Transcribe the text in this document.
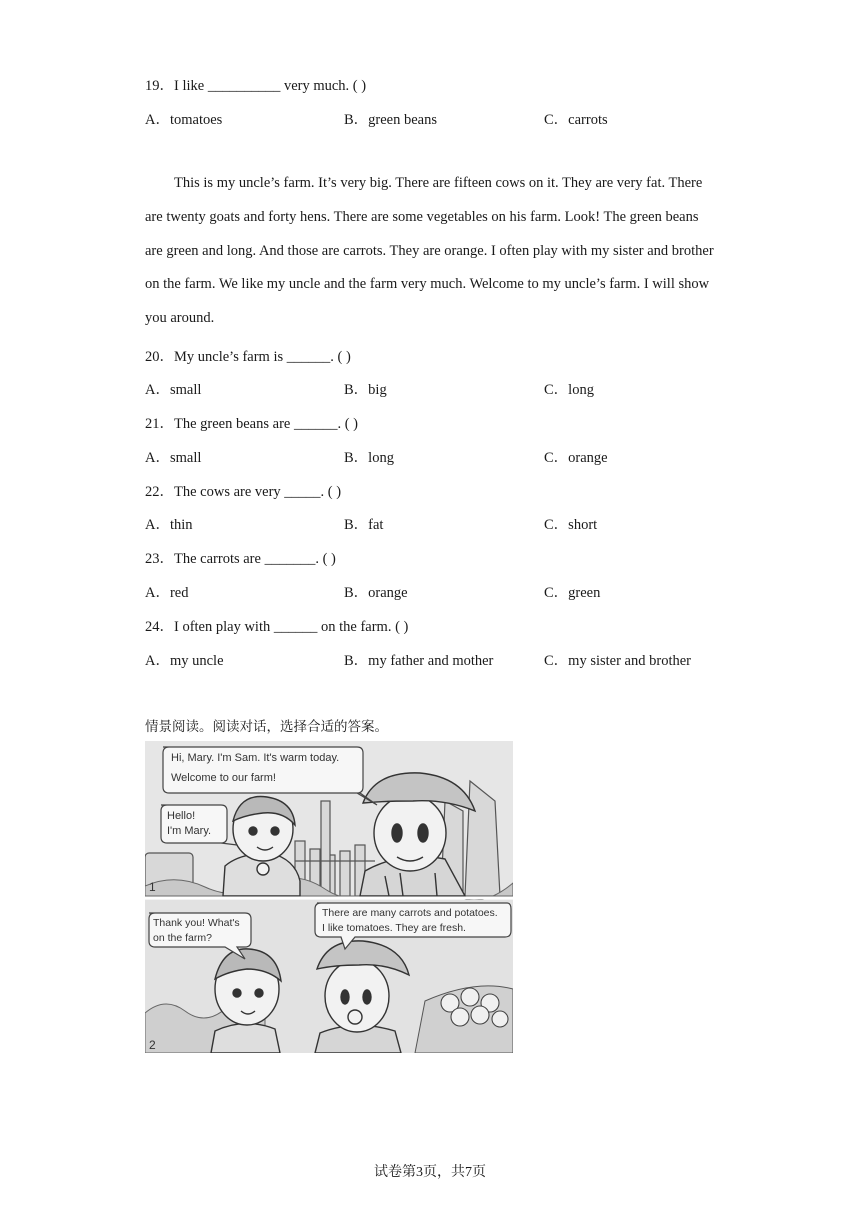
19．I like __________ very much. ( )
A．tomatoes	B．green beans	C．carrots
This is my uncle’s farm. It’s very big. There are fifteen cows on it. They are very fat. There are twenty goats and forty hens. There are some vegetables on his farm. Look! The green beans are green and long. And those are carrots. They are orange. I often play with my sister and brother on the farm. We like my uncle and the farm very much. Welcome to my uncle’s farm. I will show you around.
20．My uncle’s farm is ______. ( )
A．small	B．big	C．long
21．The green beans are ______. ( )
A．small	B．long	C．orange
22．The cows are very _____. ( )
A．thin	B．fat	C．short
23．The carrots are _______. ( )
A．red	B．orange	C．green
24．I often play with ______ on the farm. ( )
A．my uncle	B．my father and mother	C．my sister and brother
情景阅读。阅读对话，选择合适的答案。
Hi, Mary. I'm Sam. It's warm today.
Welcome to our farm!
Hello!
I'm Mary.
1
Thank you! What's
on the farm?
There are many carrots and potatoes.
I like tomatoes. They are fresh.
2
试卷第3页，共7页
